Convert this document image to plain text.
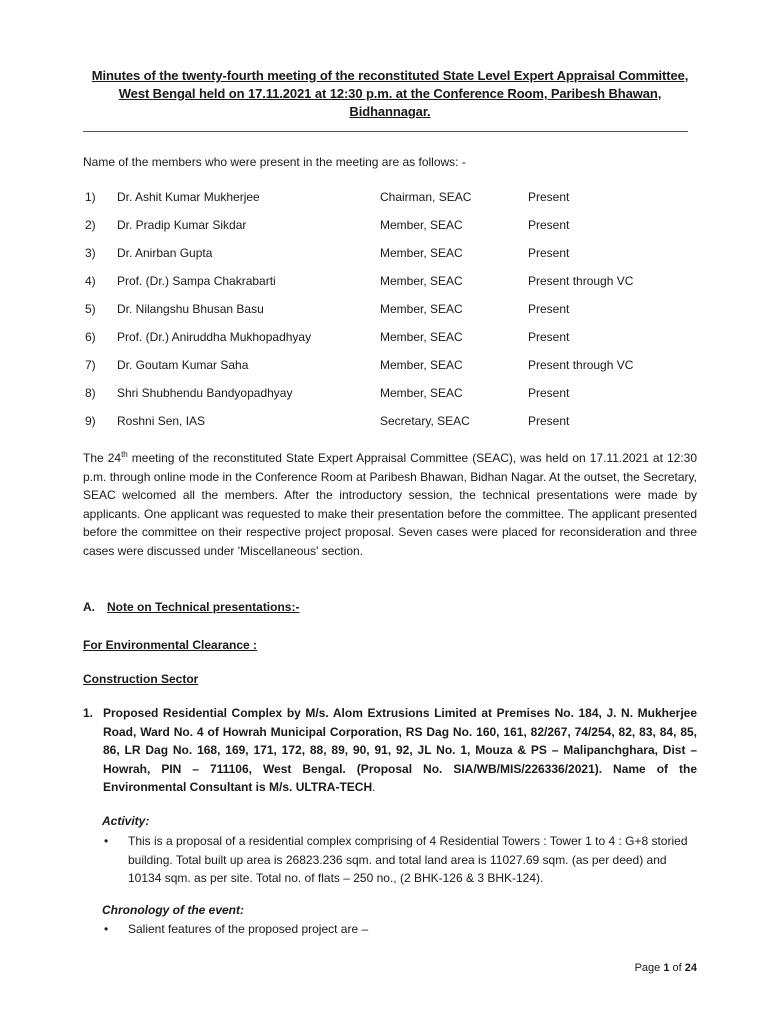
Minutes of the twenty-fourth meeting of the reconstituted State Level Expert Appraisal Committee, West Bengal held on 17.11.2021 at 12:30 p.m. at the Conference Room, Paribesh Bhawan, Bidhannagar.
Name of the members who were present in the meeting are as follows: -
1) Dr. Ashit Kumar Mukherjee	Chairman, SEAC	Present
2) Dr. Pradip Kumar Sikdar	Member, SEAC	Present
3) Dr. Anirban Gupta	Member, SEAC	Present
4) Prof. (Dr.) Sampa Chakrabarti	Member, SEAC	Present through VC
5) Dr. Nilangshu Bhusan Basu	Member, SEAC	Present
6) Prof. (Dr.) Aniruddha Mukhopadhyay	Member, SEAC	Present
7) Dr. Goutam Kumar Saha	Member, SEAC	Present through VC
8) Shri Shubhendu Bandyopadhyay	Member, SEAC	Present
9) Roshni Sen, IAS	Secretary, SEAC	Present
The 24th meeting of the reconstituted State Expert Appraisal Committee (SEAC), was held on 17.11.2021 at 12:30 p.m. through online mode in the Conference Room at Paribesh Bhawan, Bidhan Nagar. At the outset, the Secretary, SEAC welcomed all the members. After the introductory session, the technical presentations were made by applicants. One applicant was requested to make their presentation before the committee. The applicant presented before the committee on their respective project proposal. Seven cases were placed for reconsideration and three cases were discussed under 'Miscellaneous' section.
A. Note on Technical presentations:-
For Environmental Clearance :
Construction Sector
1. Proposed Residential Complex by M/s. Alom Extrusions Limited at Premises No. 184, J. N. Mukherjee Road, Ward No. 4 of Howrah Municipal Corporation, RS Dag No. 160, 161, 82/267, 74/254, 82, 83, 84, 85, 86, LR Dag No. 168, 169, 171, 172, 88, 89, 90, 91, 92, JL No. 1, Mouza & PS – Malipanchghara, Dist – Howrah, PIN – 711106, West Bengal. (Proposal No. SIA/WB/MIS/226336/2021). Name of the Environmental Consultant is M/s. ULTRA-TECH.
Activity:
• This is a proposal of a residential complex comprising of 4 Residential Towers : Tower 1 to 4 : G+8 storied building. Total built up area is 26823.236 sqm. and total land area is 11027.69 sqm. (as per deed) and 10134 sqm. as per site. Total no. of flats – 250 no., (2 BHK-126 & 3 BHK-124).
Chronology of the event:
• Salient features of the proposed project are –
Page 1 of 24
